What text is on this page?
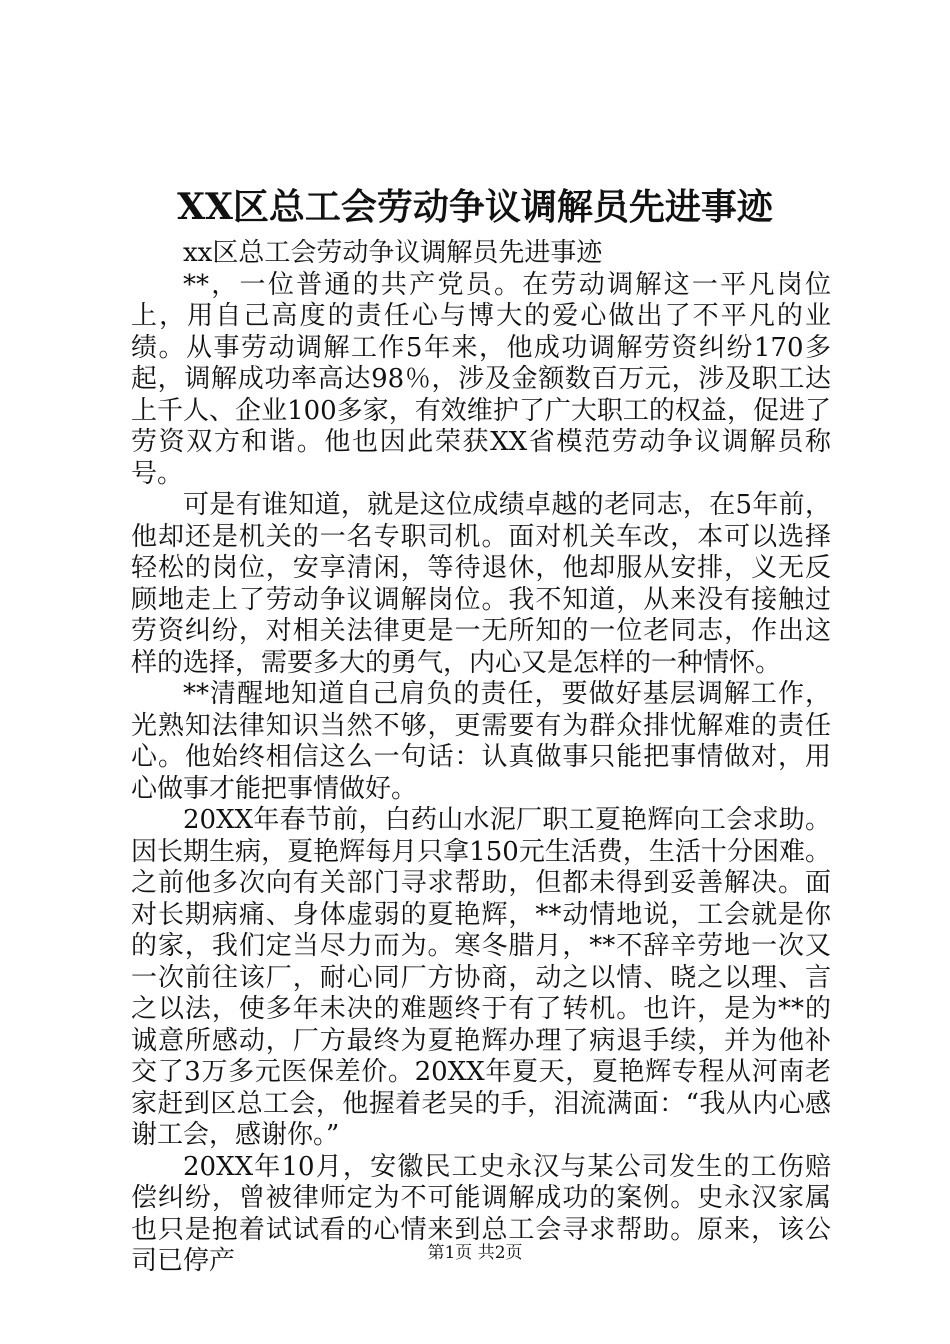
XX区总工会劳动争议调解员先进事迹

xx区总工会劳动争议调解员先进事迹

**，一位普通的共产党员。在劳动调解这一平凡岗位上，用自己高度的责任心与博大的爱心做出了不平凡的业绩。从事劳动调解工作5年来，他成功调解劳资纠纷170多起，调解成功率高达98％，涉及金额数百万元，涉及职工达上千人、企业100多家，有效维护了广大职工的权益，促进了劳资双方和谐。他也因此荣获XX省模范劳动争议调解员称号。

可是有谁知道，就是这位成绩卓越的老同志，在5年前，他却还是机关的一名专职司机。面对机关车改，本可以选择轻松的岗位，安享清闲，等待退休，他却服从安排，义无反顾地走上了劳动争议调解岗位。我不知道，从来没有接触过劳资纠纷，对相关法律更是一无所知的一位老同志，作出这样的选择，需要多大的勇气，内心又是怎样的一种情怀。

**清醒地知道自己肩负的责任，要做好基层调解工作，光熟知法律知识当然不够，更需要有为群众排忧解难的责任心。他始终相信这么一句话：认真做事只能把事情做对，用心做事才能把事情做好。

20XX年春节前，白药山水泥厂职工夏艳辉向工会求助。因长期生病，夏艳辉每月只拿150元生活费，生活十分困难。之前他多次向有关部门寻求帮助，但都未得到妥善解决。面对长期病痛、身体虚弱的夏艳辉，**动情地说，工会就是你的家，我们定当尽力而为。寒冬腊月，**不辞辛劳地一次又一次前往该厂，耐心同厂方协商，动之以情、晓之以理、言之以法，使多年未决的难题终于有了转机。也许，是为**的诚意所感动，厂方最终为夏艳辉办理了病退手续，并为他补交了3万多元医保差价。20XX年夏天，夏艳辉专程从河南老家赶到区总工会，他握着老吴的手，泪流满面：“我从内心感谢工会，感谢你。”

20XX年10月，安徽民工史永汉与某公司发生的工伤赔偿纠纷，曾被律师定为不可能调解成功的案例。史永汉家属也只是抱着试试看的心情来到总工会寻求帮助。原来，该公司已停产	第1页 共2页
